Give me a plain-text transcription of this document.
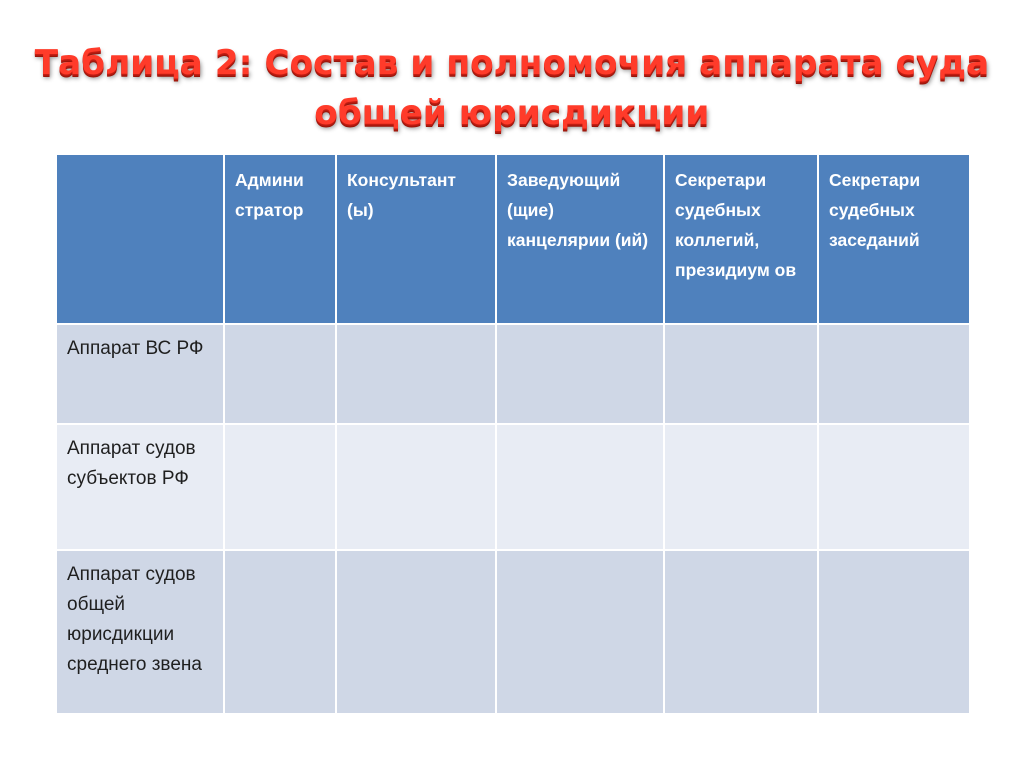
Таблица 2: Состав и полномочия аппарата суда
общей юрисдикции

	Админи стратор	Консультант (ы)	Заведующий (щие) канцелярии (ий)	Секретари судебных коллегий, президиум ов	Секретари судебных заседаний

Аппарат ВС РФ					

Аппарат судов субъектов РФ					

Аппарат судов общей юрисдикции среднего звена					
